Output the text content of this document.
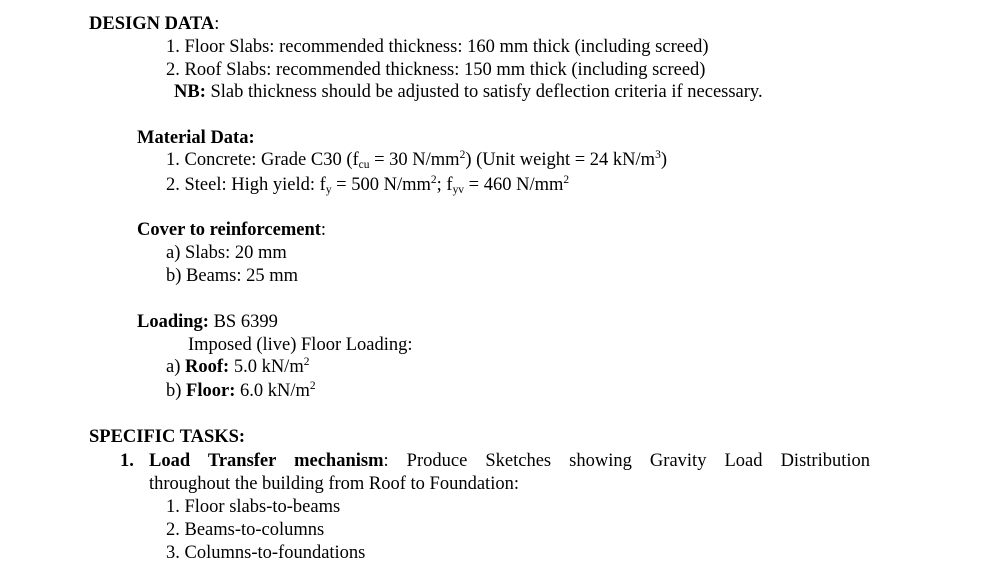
DESIGN DATA:
1. Floor Slabs: recommended thickness: 160 mm thick (including screed)
2. Roof Slabs: recommended thickness: 150 mm thick (including screed)
NB: Slab thickness should be adjusted to satisfy deflection criteria if necessary.
Material Data:
1. Concrete: Grade C30 ($f_{cu} = 30$ $N/mm^2$) (Unit weight = 24 $kN/m^3$)
2. Steel: High yield: $f_y = 500$ $N/mm^2$; $f_{yv} = 460$ $N/mm^2$
Cover to reinforcement:
a) Slabs: 20 mm
b) Beams: 25 mm
Loading: BS 6399
Imposed (live) Floor Loading:
a) Roof: 5.0 $kN/m^2$
b) Floor: 6.0 $kN/m^2$
SPECIFIC TASKS:
1. Load Transfer mechanism: Produce Sketches showing Gravity Load Distribution
throughout the building from Roof to Foundation:
1. Floor slabs-to-beams
2. Beams-to-columns
3. Columns-to-foundations
